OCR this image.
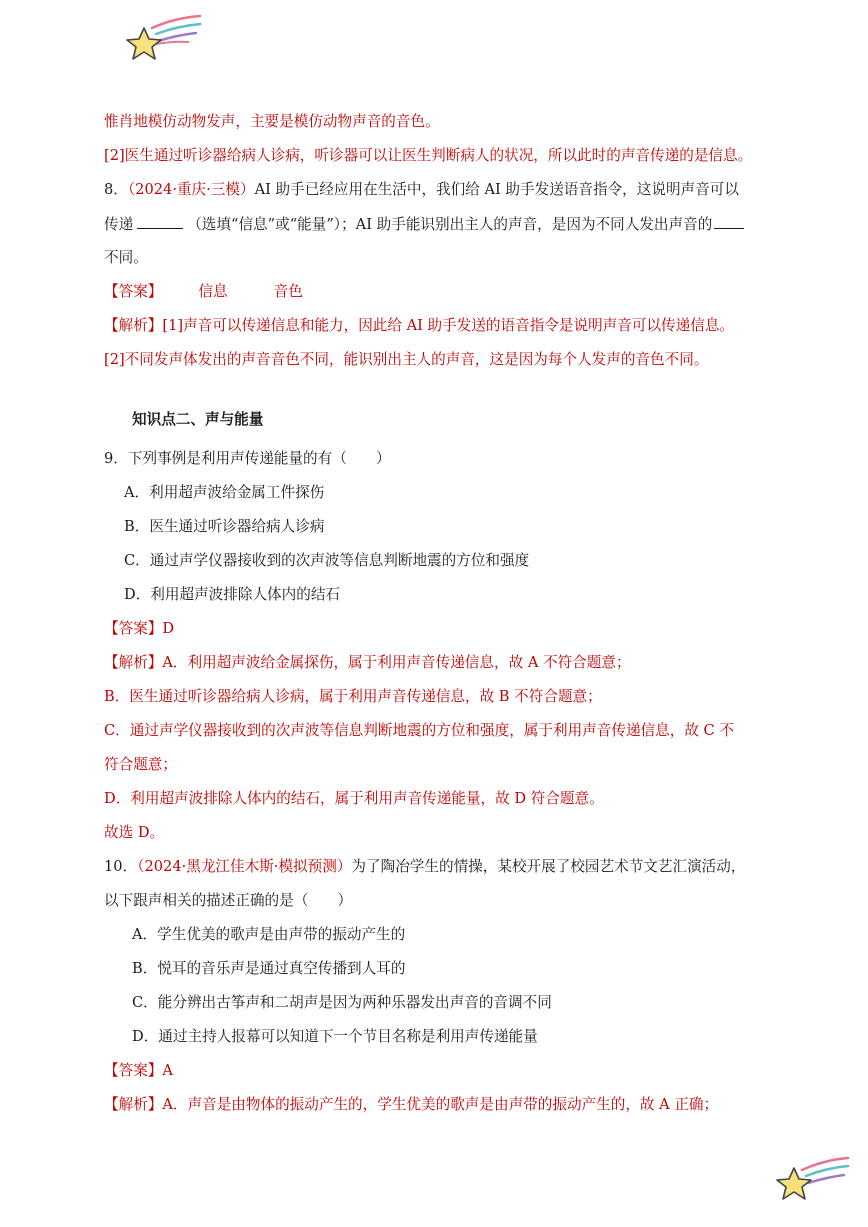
惟肖地模仿动物发声，主要是模仿动物声音的音色。
[2]医生通过听诊器给病人诊病，听诊器可以让医生判断病人的状况，所以此时的声音传递的是信息。
8．（2024·重庆·三模）AI 助手已经应用在生活中，我们给 AI 助手发送语音指令，这说明声音可以
传递	（选填“信息”或“能量”）；AI 助手能识别出主人的声音，是因为不同人发出声音的
不同。
【答案】 信息	音色
【解析】[1]声音可以传递信息和能力，因此给 AI 助手发送的语音指令是说明声音可以传递信息。
[2]不同发声体发出的声音音色不同，能识别出主人的声音，这是因为每个人发声的音色不同。
知识点二、声与能量
9．下列事例是利用声传递能量的有（　　）
A．利用超声波给金属工件探伤
B．医生通过听诊器给病人诊病
C．通过声学仪器接收到的次声波等信息判断地震的方位和强度
D．利用超声波排除人体内的结石
【答案】D
【解析】A．利用超声波给金属探伤，属于利用声音传递信息，故 A 不符合题意；
B．医生通过听诊器给病人诊病，属于利用声音传递信息，故 B 不符合题意；
C．通过声学仪器接收到的次声波等信息判断地震的方位和强度，属于利用声音传递信息，故 C 不
符合题意；
D．利用超声波排除人体内的结石，属于利用声音传递能量，故 D 符合题意。
故选 D。
10．（2024·黑龙江佳木斯·模拟预测）为了陶冶学生的情操，某校开展了校园艺术节文艺汇演活动，
以下跟声相关的描述正确的是（　　）
A．学生优美的歌声是由声带的振动产生的
B．悦耳的音乐声是通过真空传播到人耳的
C．能分辨出古筝声和二胡声是因为两种乐器发出声音的音调不同
D．通过主持人报幕可以知道下一个节目名称是利用声传递能量
【答案】A
【解析】A．声音是由物体的振动产生的，学生优美的歌声是由声带的振动产生的，故 A 正确；
